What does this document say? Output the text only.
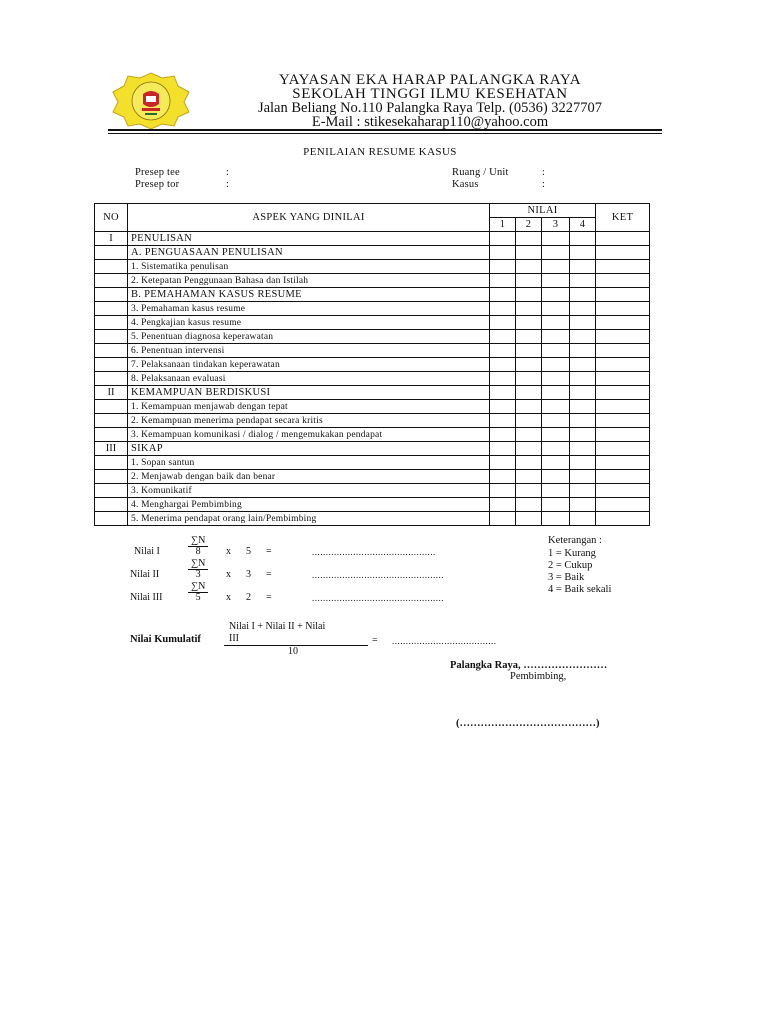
YAYASAN EKA HARAP PALANGKA RAYA
SEKOLAH TINGGI ILMU KESEHATAN
Jalan Beliang No.110 Palangka Raya Telp. (0536) 3227707
E-Mail : stikesekaharap110@yahoo.com
PENILAIAN RESUME KASUS
Presep tee	:
Presep tor	:
Ruang / Unit	:
Kasus	:
NO	ASPEK YANG DINILAI	NILAI				KET
		1	2	3	4	
I	PENULISAN					
	A. PENGUASAAN PENULISAN					
	1. Sistematika penulisan					
	2. Ketepatan Penggunaan Bahasa dan Istilah					
	B. PEMAHAMAN KASUS RESUME					
	3. Pemahaman kasus resume					
	4. Pengkajian kasus resume					
	5. Penentuan diagnosa keperawatan					
	6. Penentuan intervensi					
	7. Pelaksanaan tindakan keperawatan					
	8. Pelaksanaan evaluasi					
II	KEMAMPUAN BERDISKUSI					
	1. Kemampuan menjawab dengan tepat					
	2. Kemampuan menerima pendapat secara kritis					
	3. Kemampuan komunikasi / dialog / mengemukakan pendapat					
III	SIKAP					
	1. Sopan santun					
	2. Menjawab dengan baik dan benar					
	3. Komunikatif					
	4. Menghargai Pembimbing					
	5. Menerima pendapat orang lain/Pembimbing					
Nilai I	$\frac{\sum N}{8}$ x 5 =	.............................................
Nilai II	$\frac{\sum N}{3}$ x 3 =	................................................
Nilai III	$\frac{\sum N}{5}$ x 2 =	................................................
Nilai Kumulatif
Nilai I + Nilai II + Nilai
III
10
= ......................................
Keterangan :
1 = Kurang
2 = Cukup
3 = Baik
4 = Baik sekali
Palangka Raya, ……………………
Pembimbing,
(…………………………………)
